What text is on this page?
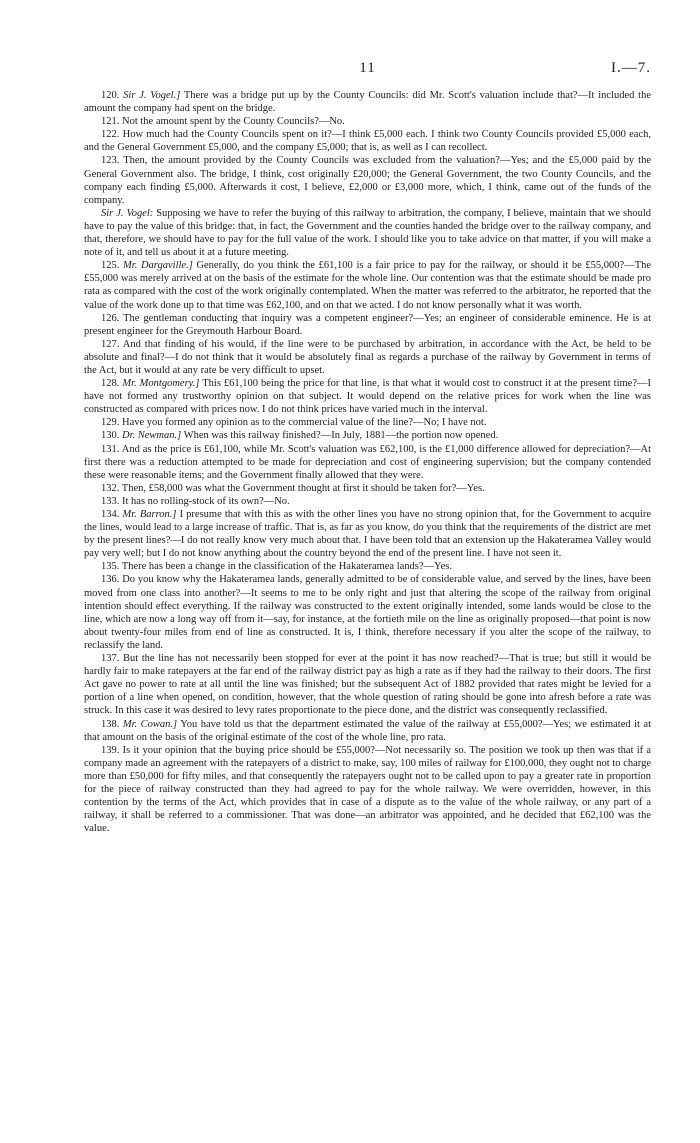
11	I.—7.

120. Sir J. Vogel.] There was a bridge put up by the County Councils: did Mr. Scott's valuation include that?—It included the amount the company had spent on the bridge.

121. Not the amount spent by the County Councils?—No.

122. How much had the County Councils spent on it?—I think £5,000 each. I think two County Councils provided £5,000 each, and the General Government £5,000, and the company £5,000; that is, as well as I can recollect.

123. Then, the amount provided by the County Councils was excluded from the valuation?—Yes; and the £5,000 paid by the General Government also. The bridge, I think, cost originally £20,000; the General Government, the two County Councils, and the company each finding £5,000. Afterwards it cost, I believe, £2,000 or £3,000 more, which, I think, came out of the funds of the company.

Sir J. Vogel: Supposing we have to refer the buying of this railway to arbitration, the company, I believe, maintain that we should have to pay the value of this bridge: that, in fact, the Government and the counties handed the bridge over to the railway company, and that, therefore, we should have to pay for the full value of the work. I should like you to take advice on that matter, if you will make a note of it, and tell us about it at a future meeting.

125. Mr. Dargaville.] Generally, do you think the £61,100 is a fair price to pay for the railway, or should it be £55,000?—The £55,000 was merely arrived at on the basis of the estimate for the whole line. Our contention was that the estimate should be made pro rata as compared with the cost of the work originally contemplated. When the matter was referred to the arbitrator, he reported that the value of the work done up to that time was £62,100, and on that we acted. I do not know personally what it was worth.

126. The gentleman conducting that inquiry was a competent engineer?—Yes; an engineer of considerable eminence. He is at present engineer for the Greymouth Harbour Board.

127. And that finding of his would, if the line were to be purchased by arbitration, in accordance with the Act, be held to be absolute and final?—I do not think that it would be absolutely final as regards a purchase of the railway by Government in terms of the Act, but it would at any rate be very difficult to upset.

128. Mr. Montgomery.] This £61,100 being the price for that line, is that what it would cost to construct it at the present time?—I have not formed any trustworthy opinion on that subject. It would depend on the relative prices for work when the line was constructed as compared with prices now. I do not think prices have varied much in the interval.

129. Have you formed any opinion as to the commercial value of the line?—No; I have not.

130. Dr. Newman.] When was this railway finished?—In July, 1881—the portion now opened.

131. And as the price is £61,100, while Mr. Scott's valuation was £62,100, is the £1,000 difference allowed for depreciation?—At first there was a reduction attempted to be made for depreciation and cost of engineering supervision; but the company contended these were reasonable items; and the Government finally allowed that they were.

132. Then, £58,000 was what the Government thought at first it should be taken for?—Yes.

133. It has no rolling-stock of its own?—No.

134. Mr. Barron.] I presume that with this as with the other lines you have no strong opinion that, for the Government to acquire the lines, would lead to a large increase of traffic. That is, as far as you know, do you think that the requirements of the district are met by the present lines?—I do not really know very much about that. I have been told that an extension up the Hakateramea Valley would pay very well; but I do not know anything about the country beyond the end of the present line. I have not seen it.

135. There has been a change in the classification of the Hakateramea lands?—Yes.

136. Do you know why the Hakateramea lands, generally admitted to be of considerable value, and served by the lines, have been moved from one class into another?—It seems to me to be only right and just that altering the scope of the railway from original intention should effect everything. If the railway was constructed to the extent originally intended, some lands would be close to the line, which are now a long way off from it—say, for instance, at the fortieth mile on the line as originally proposed—that point is now about twenty-four miles from end of line as constructed. It is, I think, therefore necessary if you alter the scope of the railway, to reclassify the land.

137. But the line has not necessarily been stopped for ever at the point it has now reached?—That is true; but still it would be hardly fair to make ratepayers at the far end of the railway district pay as high a rate as if they had the railway to their doors. The first Act gave no power to rate at all until the line was finished; but the subsequent Act of 1882 provided that rates might be levied for a portion of a line when opened, on condition, however, that the whole question of rating should be gone into afresh before a rate was struck. In this case it was desired to levy rates proportionate to the piece done, and the district was consequently reclassified.

138. Mr. Cowan.] You have told us that the department estimated the value of the railway at £55,000?—Yes; we estimated it at that amount on the basis of the original estimate of the cost of the whole line, pro rata.

139. Is it your opinion that the buying price should be £55,000?—Not necessarily so. The position we took up then was that if a company made an agreement with the ratepayers of a district to make, say, 100 miles of railway for £100,000, they ought not to charge more than £50,000 for fifty miles, and that consequently the ratepayers ought not to be called upon to pay a greater rate in proportion for the piece of railway constructed than they had agreed to pay for the whole railway. We were overridden, however, in this contention by the terms of the Act, which provides that in case of a dispute as to the value of the whole railway, or any part of a railway, it shall be referred to a commissioner. That was done—an arbitrator was appointed, and he decided that £62,100 was the value.
